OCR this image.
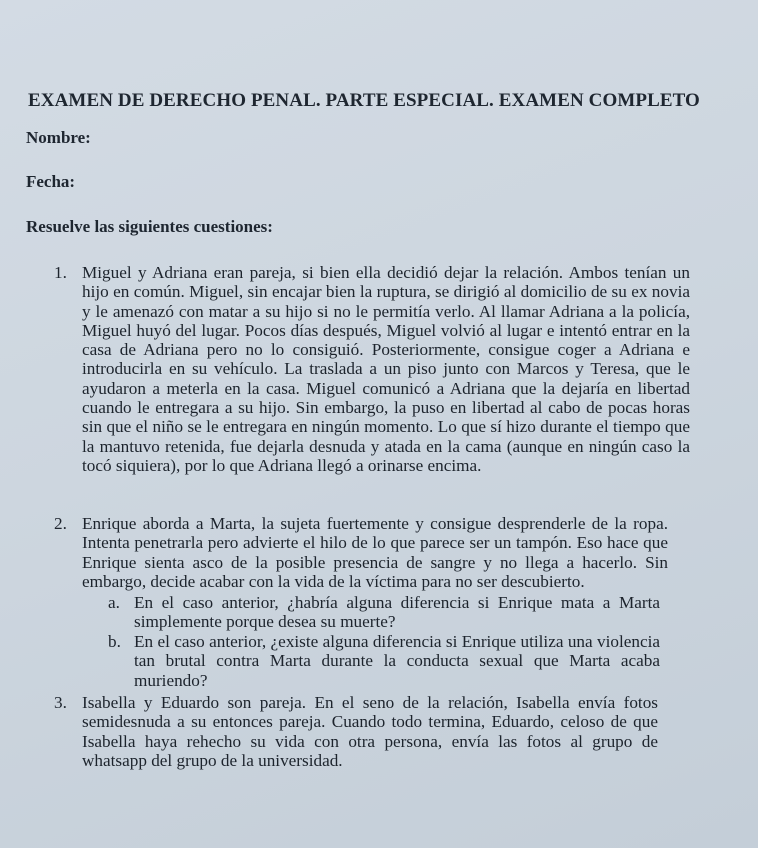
EXAMEN DE DERECHO PENAL. PARTE ESPECIAL. EXAMEN COMPLETO
Nombre:
Fecha:
Resuelve las siguientes cuestiones:
1. Miguel y Adriana eran pareja, si bien ella decidió dejar la relación. Ambos tenían un hijo en común. Miguel, sin encajar bien la ruptura, se dirigió al domicilio de su ex novia y le amenazó con matar a su hijo si no le permitía verlo. Al llamar Adriana a la policía, Miguel huyó del lugar. Pocos días después, Miguel volvió al lugar e intentó entrar en la casa de Adriana pero no lo consiguió. Posteriormente, consigue coger a Adriana e introducirla en su vehículo. La traslada a un piso junto con Marcos y Teresa, que le ayudaron a meterla en la casa. Miguel comunicó a Adriana que la dejaría en libertad cuando le entregara a su hijo. Sin embargo, la puso en libertad al cabo de pocas horas sin que el niño se le entregara en ningún momento. Lo que sí hizo durante el tiempo que la mantuvo retenida, fue dejarla desnuda y atada en la cama (aunque en ningún caso la tocó siquiera), por lo que Adriana llegó a orinarse encima.
2. Enrique aborda a Marta, la sujeta fuertemente y consigue desprenderle de la ropa. Intenta penetrarla pero advierte el hilo de lo que parece ser un tampón. Eso hace que Enrique sienta asco de la posible presencia de sangre y no llega a hacerlo. Sin embargo, decide acabar con la vida de la víctima para no ser descubierto.
a. En el caso anterior, ¿habría alguna diferencia si Enrique mata a Marta simplemente porque desea su muerte?
b. En el caso anterior, ¿existe alguna diferencia si Enrique utiliza una violencia tan brutal contra Marta durante la conducta sexual que Marta acaba muriendo?
3. Isabella y Eduardo son pareja. En el seno de la relación, Isabella envía fotos semidesnuda a su entonces pareja. Cuando todo termina, Eduardo, celoso de que Isabella haya rehecho su vida con otra persona, envía las fotos al grupo de whatsapp del grupo de la universidad.
